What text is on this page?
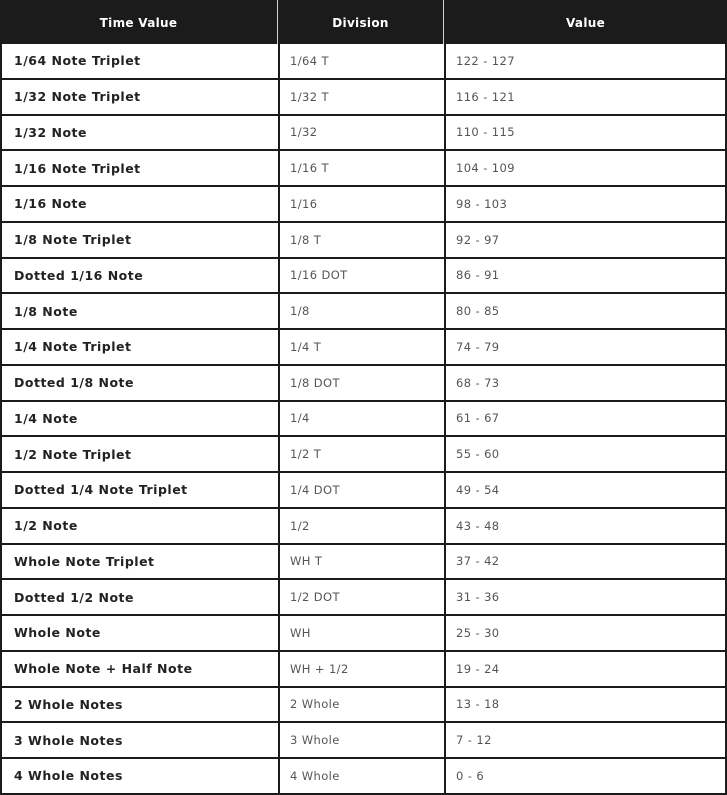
Time Value	Division	Value
1/64 Note Triplet	1/64 T	122 - 127
1/32 Note Triplet	1/32 T	116 - 121
1/32 Note	1/32	110 - 115
1/16 Note Triplet	1/16 T	104 - 109
1/16 Note	1/16	98 - 103
1/8 Note Triplet	1/8 T	92 - 97
Dotted 1/16 Note	1/16 DOT	86 - 91
1/8 Note	1/8	80 - 85
1/4 Note Triplet	1/4 T	74 - 79
Dotted 1/8 Note	1/8 DOT	68 - 73
1/4 Note	1/4	61 - 67
1/2 Note Triplet	1/2 T	55 - 60
Dotted 1/4 Note Triplet	1/4 DOT	49 - 54
1/2 Note	1/2	43 - 48
Whole Note Triplet	WH T	37 - 42
Dotted 1/2 Note	1/2 DOT	31 - 36
Whole Note	WH	25 - 30
Whole Note + Half Note	WH + 1/2	19 - 24
2 Whole Notes	2 Whole	13 - 18
3 Whole Notes	3 Whole	7 - 12
4 Whole Notes	4 Whole	0 - 6
